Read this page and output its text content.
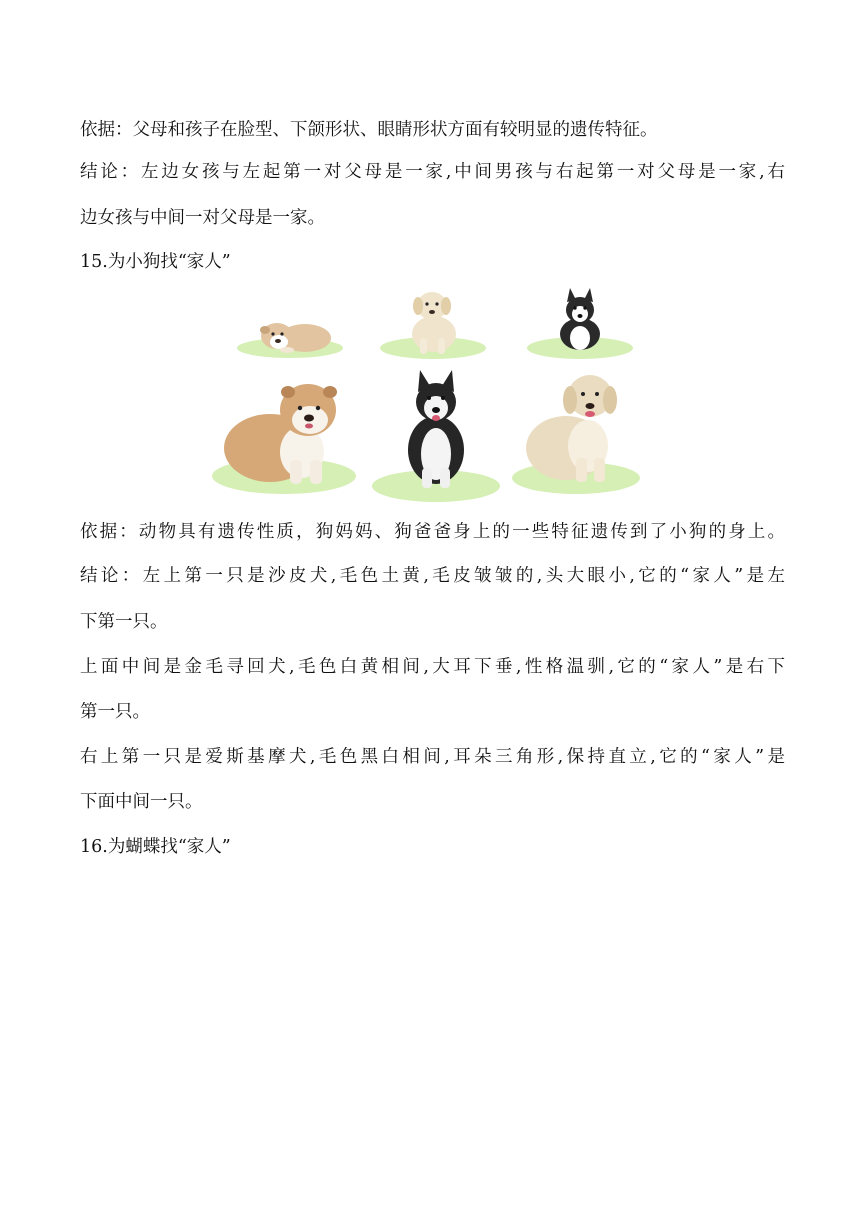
依据：父母和孩子在脸型、下颌形状、眼睛形状方面有较明显的遗传特征。
结论：左边女孩与左起第一对父母是一家,中间男孩与右起第一对父母是一家,右
边女孩与中间一对父母是一家。
15.为小狗找“家人”
依据：动物具有遗传性质，狗妈妈、狗爸爸身上的一些特征遗传到了小狗的身上。
结论：左上第一只是沙皮犬,毛色土黄,毛皮皱皱的,头大眼小,它的“家人”是左
下第一只。
上面中间是金毛寻回犬,毛色白黄相间,大耳下垂,性格温驯,它的“家人”是右下
第一只。
右上第一只是爱斯基摩犬,毛色黑白相间,耳朵三角形,保持直立,它的“家人”是
下面中间一只。
16.为蝴蝶找“家人”
